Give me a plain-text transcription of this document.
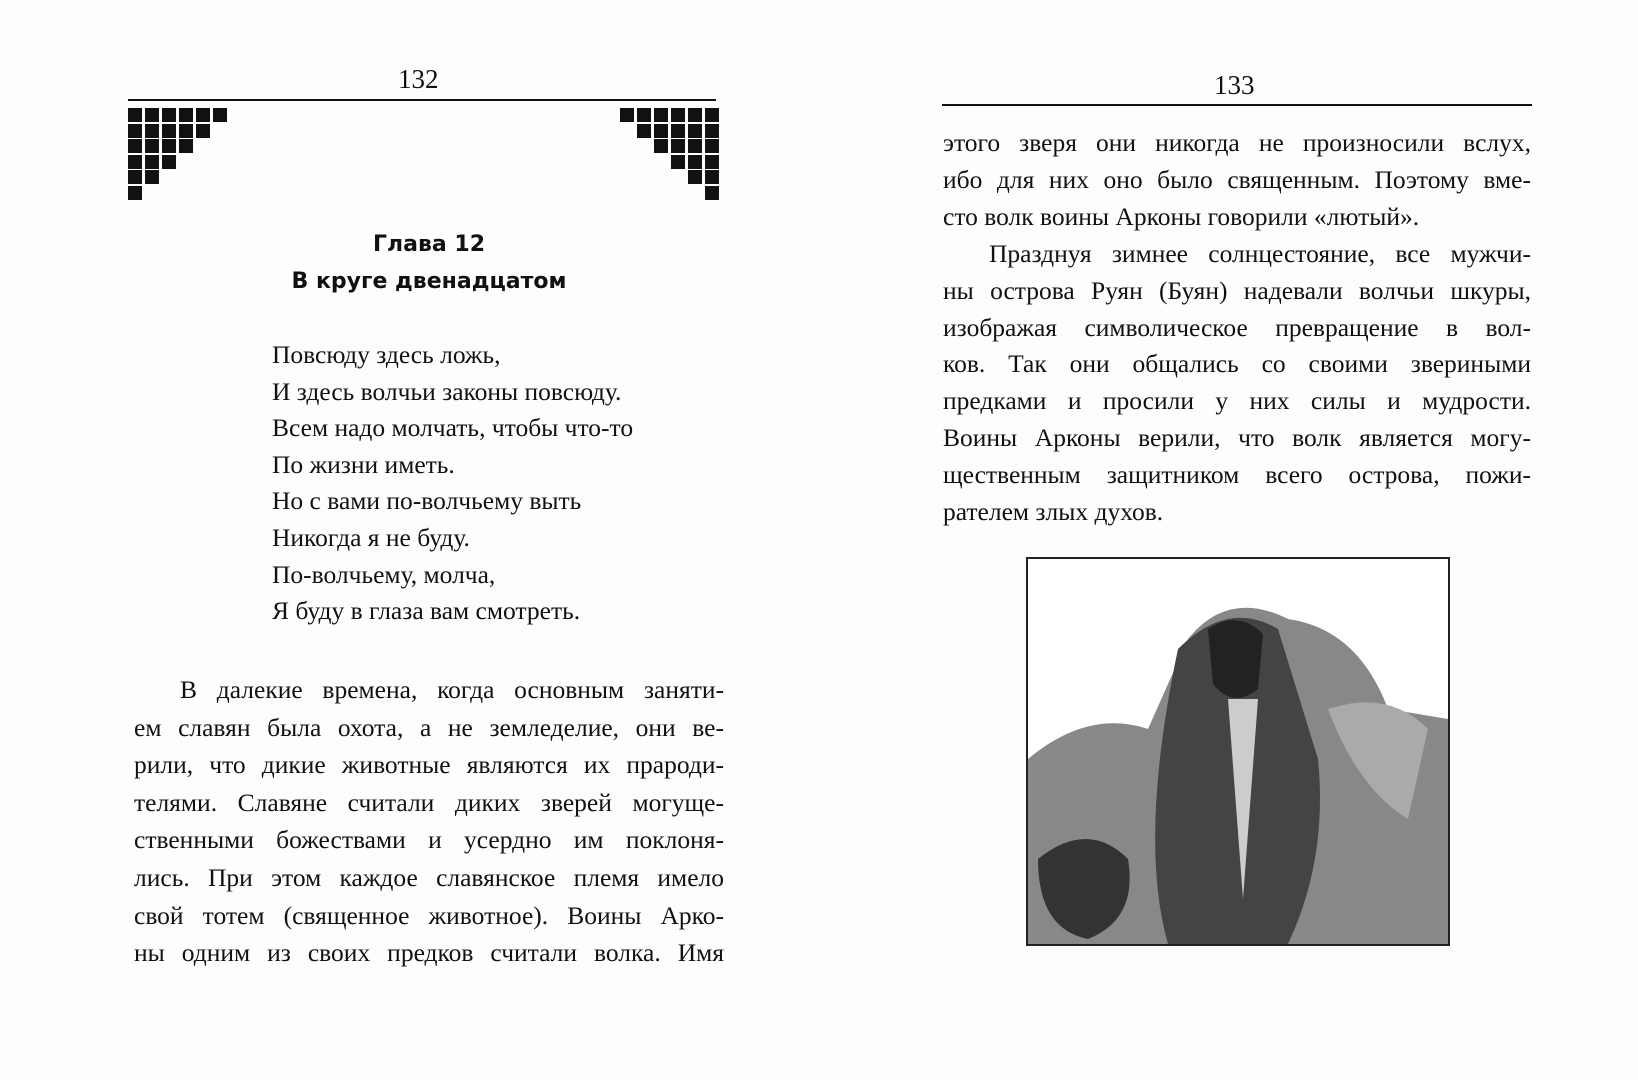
132
Глава 12
В круге двенадцатом
Повсюду здесь ложь,
И здесь волчьи законы повсюду.
Всем надо молчать, чтобы что-то
По жизни иметь.
Но с вами по-волчьему выть
Никогда я не буду.
По-волчьему, молча,
Я буду в глаза вам смотреть.
В далекие времена, когда основным заняти-
ем славян была охота, а не земледелие, они ве-
рили, что дикие животные являются их прароди-
телями. Славяне считали диких зверей могуще-
ственными божествами и усердно им поклоня-
лись. При этом каждое славянское племя имело
свой тотем (священное животное). Воины Арко-
ны одним из своих предков считали волка. Имя
133
этого зверя они никогда не произносили вслух,
ибо для них оно было священным. Поэтому вме-
сто волк воины Арконы говорили «лютый».
Празднуя зимнее солнцестояние, все мужчи-
ны острова Руян (Буян) надевали волчьи шкуры,
изображая символическое превращение в вол-
ков. Так они общались со своими звериными
предками и просили у них силы и мудрости.
Воины Арконы верили, что волк является могу-
щественным защитником всего острова, пожи-
рателем злых духов.
